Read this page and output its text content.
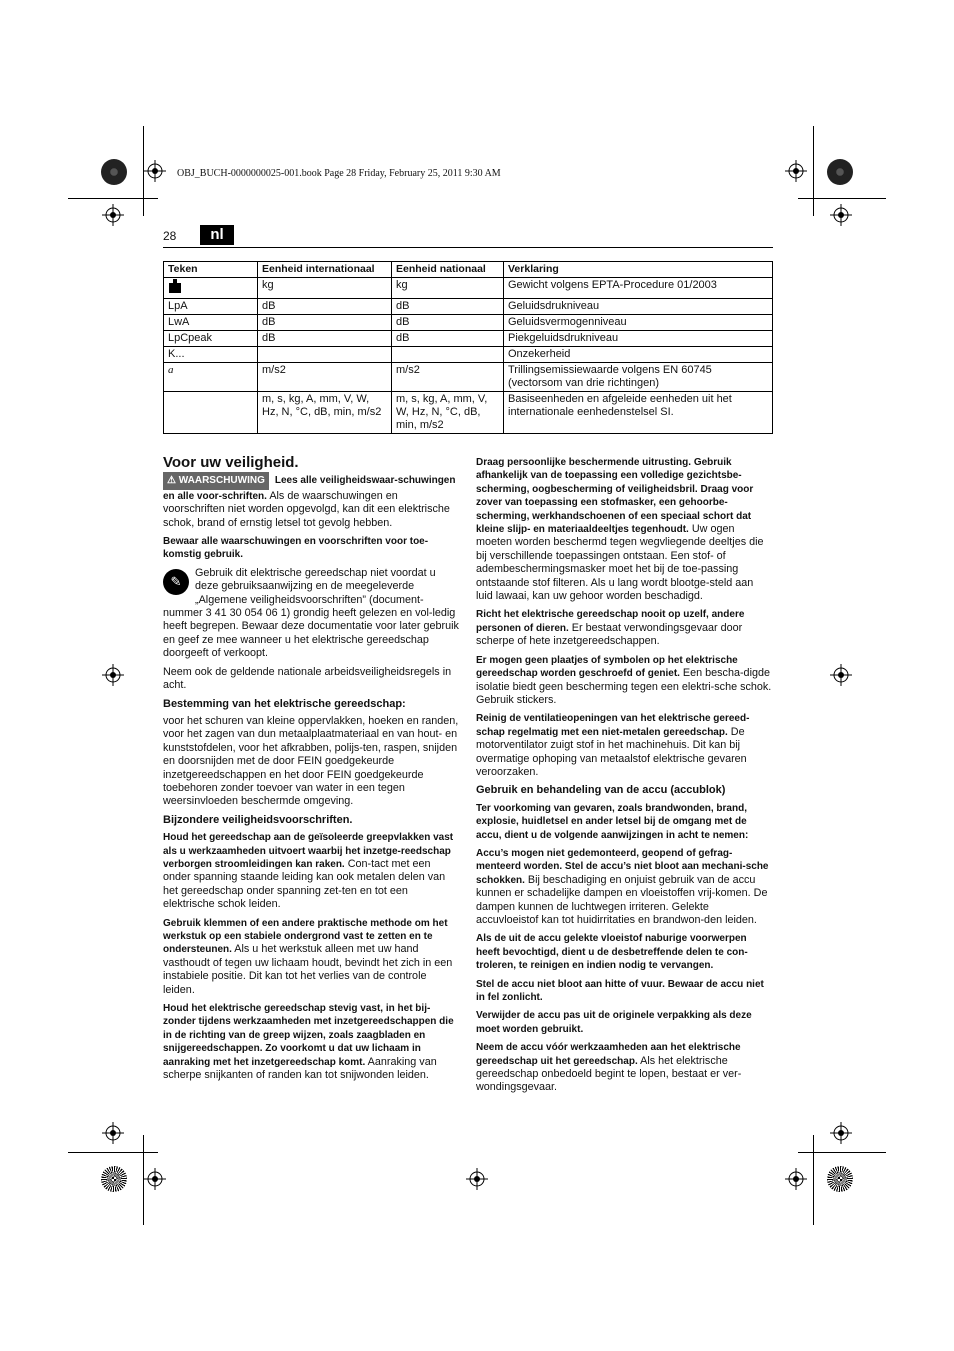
OBJ_BUCH-0000000025-001.book Page 28 Friday, February 25, 2011 9:30 AM
28	nl
Teken	Eenheid internationaal	Eenheid nationaal	Verklaring
	kg	kg	Gewicht volgens EPTA-Procedure 01/2003
LpA	dB	dB	Geluidsdrukniveau
LwA	dB	dB	Geluidsvermogenniveau
LpCpeak	dB	dB	Piekgeluidsdrukniveau
K...			Onzekerheid
a	m/s2	m/s2	Trillingsemissiewaarde volgens EN 60745 (vectorsom van drie richtingen)
	m, s, kg, A, mm, V, W, Hz, N, °C, dB, min, m/s2	m, s, kg, A, mm, V, W, Hz, N, °C, dB, min, m/s2	Basiseenheden en afgeleide eenheden uit het internationale eenhedenstelsel SI.
Voor uw veiligheid.

⚠ WAARSCHUWING Lees alle veiligheidswaar-schuwingen en alle voor-schriften. Als de waarschuwingen en voorschriften niet worden opgevolgd, kan dit een elektrische schok, brand of ernstig letsel tot gevolg hebben.

Bewaar alle waarschuwingen en voorschriften voor toe-komstig gebruik.

✎
Gebruik dit elektrische gereedschap niet voordat u deze gebruiksaanwijzing en de meegeleverde „Algemene veiligheidsvoorschriften” (document-nummer 3 41 30 054 06 1) grondig heeft gelezen en vol-ledig heeft begrepen. Bewaar deze documentatie voor later gebruik en geef ze mee wanneer u het elektrische gereedschap doorgeeft of verkoopt.

Neem ook de geldende nationale arbeidsveiligheidsregels in acht.

Bestemming van het elektrische gereedschap:

voor het schuren van kleine oppervlakken, hoeken en randen, voor het zagen van dun metaalplaatmateriaal en van hout- en kunststofdelen, voor het afkrabben, polijs-ten, raspen, snijden en doorsnijden met de door FEIN goedgekeurde inzetgereedschappen en het door FEIN goedgekeurde toebehoren zonder toevoer van water in een tegen weersinvloeden beschermde omgeving.

Bijzondere veiligheidsvoorschriften.

Houd het gereedschap aan de geïsoleerde greepvlakken vast als u werkzaamheden uitvoert waarbij het inzetge-reedschap verborgen stroomleidingen kan raken. Con-tact met een onder spanning staande leiding kan ook metalen delen van het gereedschap onder spanning zet-ten en tot een elektrische schok leiden.

Gebruik klemmen of een andere praktische methode om het werkstuk op een stabiele ondergrond vast te zetten en te ondersteunen. Als u het werkstuk alleen met uw hand vasthoudt of tegen uw lichaam houdt, bevindt het zich in een instabiele positie. Dit kan tot het verlies van de controle leiden.

Houd het elektrische gereedschap stevig vast, in het bij-zonder tijdens werkzaamheden met inzetgereedschappen die in de richting van de greep wijzen, zoals zaagbladen en snijgereedschappen. Zo voorkomt u dat uw lichaam in aanraking met het inzetgereedschap komt. Aanraking van scherpe snijkanten of randen kan tot snijwonden leiden.

Draag persoonlijke beschermende uitrusting. Gebruik afhankelijk van de toepassing een volledige gezichtsbe-scherming, oogbescherming of veiligheidsbril. Draag voor zover van toepassing een stofmasker, een gehoorbe-scherming, werkhandschoenen of een speciaal schort dat kleine slijp- en materiaaldeeltjes tegenhoudt. Uw ogen moeten worden beschermd tegen wegvliegende deeltjes die bij verschillende toepassingen ontstaan. Een stof- of adembeschermingsmasker moet het bij de toe-passing ontstaande stof filteren. Als u lang wordt blootge-steld aan luid lawaai, kan uw gehoor worden beschadigd.

Richt het elektrische gereedschap nooit op uzelf, andere personen of dieren. Er bestaat verwondingsgevaar door scherpe of hete inzetgereedschappen.

Er mogen geen plaatjes of symbolen op het elektrische gereedschap worden geschroefd of geniet. Een bescha-digde isolatie biedt geen bescherming tegen een elektri-sche schok. Gebruik stickers.

Reinig de ventilatieopeningen van het elektrische gereed-schap regelmatig met een niet-metalen gereedschap. De motorventilator zuigt stof in het machinehuis. Dit kan bij overmatige ophoping van metaalstof elektrische gevaren veroorzaken.

Gebruik en behandeling van de accu (accublok)

Ter voorkoming van gevaren, zoals brandwonden, brand, explosie, huidletsel en ander letsel bij de omgang met de accu, dient u de volgende aanwijzingen in acht te nemen:

Accu’s mogen niet gedemonteerd, geopend of gefrag-menteerd worden. Stel de accu’s niet bloot aan mechani-sche schokken. Bij beschadiging en onjuist gebruik van de accu kunnen er schadelijke dampen en vloeistoffen vrij-komen. De dampen kunnen de luchtwegen irriteren. Gelekte accuvloeistof kan tot huidirritaties en brandwon-den leiden.

Als de uit de accu gelekte vloeistof naburige voorwerpen heeft bevochtigd, dient u de desbetreffende delen te con-troleren, te reinigen en indien nodig te vervangen.

Stel de accu niet bloot aan hitte of vuur. Bewaar de accu niet in fel zonlicht.

Verwijder de accu pas uit de originele verpakking als deze moet worden gebruikt.

Neem de accu vóór werkzaamheden aan het elektrische gereedschap uit het gereedschap. Als het elektrische gereedschap onbedoeld begint te lopen, bestaat er ver-wondingsgevaar.
